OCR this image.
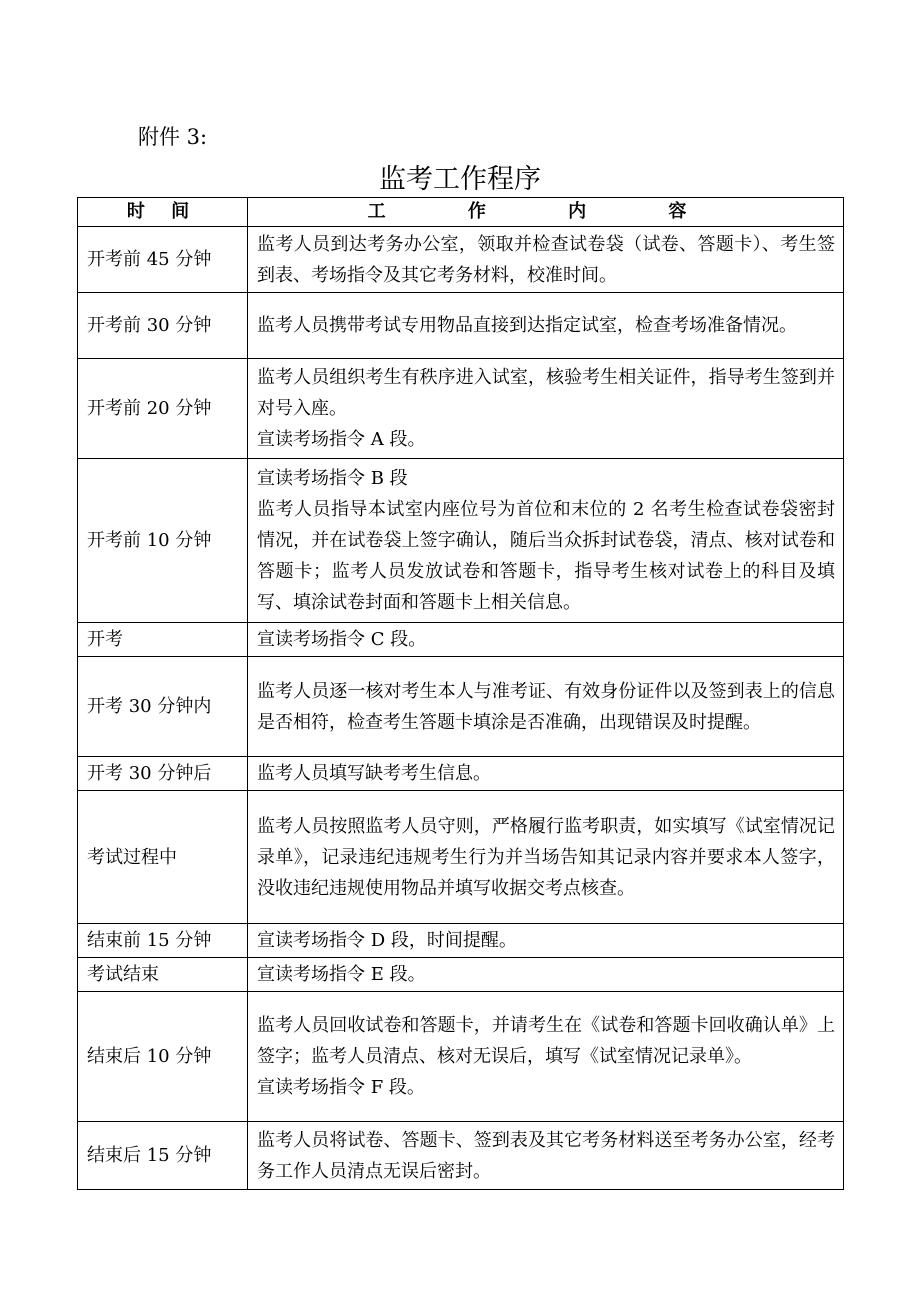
附件 3:
监考工作程序
时 间	工 作 内 容
开考前 45 分钟	监考人员到达考务办公室，领取并检查试卷袋（试卷、答题卡）、考生签到表、考场指令及其它考务材料，校准时间。

开考前 30 分钟	监考人员携带考试专用物品直接到达指定试室，检查考场准备情况。

开考前 20 分钟	监考人员组织考生有秩序进入试室，核验考生相关证件，指导考生签到并对号入座。
宣读考场指令 A 段。

开考前 10 分钟	宣读考场指令 B 段
监考人员指导本试室内座位号为首位和末位的 2 名考生检查试卷袋密封情况，并在试卷袋上签字确认，随后当众拆封试卷袋，清点、核对试卷和答题卡；监考人员发放试卷和答题卡，指导考生核对试卷上的科目及填写、填涂试卷封面和答题卡上相关信息。

开考	宣读考场指令 C 段。

开考 30 分钟内	监考人员逐一核对考生本人与准考证、有效身份证件以及签到表上的信息是否相符，检查考生答题卡填涂是否准确，出现错误及时提醒。

开考 30 分钟后	监考人员填写缺考考生信息。

考试过程中	监考人员按照监考人员守则，严格履行监考职责，如实填写《试室情况记录单》，记录违纪违规考生行为并当场告知其记录内容并要求本人签字，没收违纪违规使用物品并填写收据交考点核查。

结束前 15 分钟	宣读考场指令 D 段，时间提醒。

考试结束	宣读考场指令 E 段。

结束后 10 分钟	监考人员回收试卷和答题卡，并请考生在《试卷和答题卡回收确认单》上签字；监考人员清点、核对无误后，填写《试室情况记录单》。
宣读考场指令 F 段。

结束后 15 分钟	监考人员将试卷、答题卡、签到表及其它考务材料送至考务办公室，经考务工作人员清点无误后密封。
